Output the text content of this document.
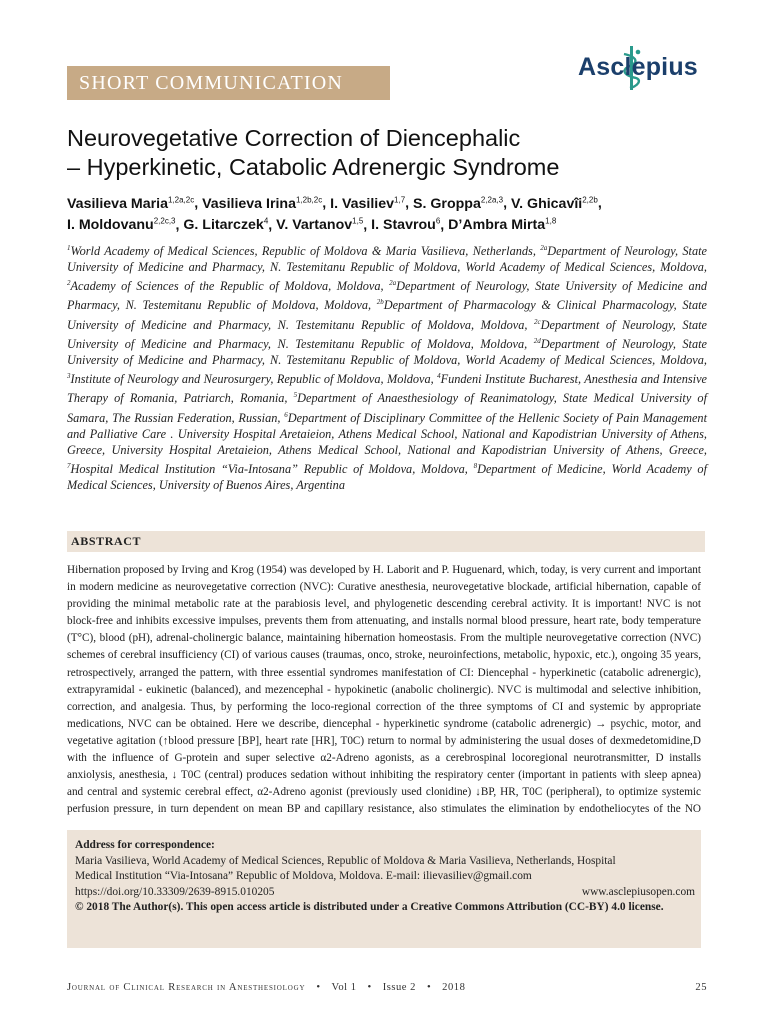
SHORT COMMUNICATION
Asclepius
Neurovegetative Correction of Diencephalic
– Hyperkinetic, Catabolic Adrenergic Syndrome
Vasilieva Maria$^{1,2a,2c}$, Vasilieva Irina$^{1,2b,2c}$, I. Vasiliev$^{1,7}$, S. Groppa$^{2,2a,3}$, V. Ghicavîi$^{2,2b}$,
I. Moldovanu$^{2,2c,3}$, G. Litarczek$^4$, V. Vartanov$^{1,5}$, I. Stavrou$^6$, D’Ambra Mirta$^{1,8}$
$^1$World Academy of Medical Sciences, Republic of Moldova & Maria Vasilieva, Netherlands, $^{2a}$Department of Neurology, State University of Medicine and Pharmacy, N. Testemitanu Republic of Moldova, World Academy of Medical Sciences, Moldova, $^2$Academy of Sciences of the Republic of Moldova, Moldova, $^{2a}$Department of Neurology, State University of Medicine and Pharmacy, N. Testemitanu Republic of Moldova, Moldova, $^{2b}$Department of Pharmacology & Clinical Pharmacology, State University of Medicine and Pharmacy, N. Testemitanu Republic of Moldova, Moldova, $^{2c}$Department of Neurology, State University of Medicine and Pharmacy, N. Testemitanu Republic of Moldova, Moldova, $^{2d}$Department of Neurology, State University of Medicine and Pharmacy, N. Testemitanu Republic of Moldova, World Academy of Medical Sciences, Moldova, $^3$Institute of Neurology and Neurosurgery, Republic of Moldova, Moldova, $^4$Fundeni Institute Bucharest, Anesthesia and Intensive Therapy of Romania, Patriarch, Romania, $^5$Department of Anaesthesiology of Reanimatology, State Medical University of Samara, The Russian Federation, Russian, $^6$Department of Disciplinary Committee of the Hellenic Society of Pain Management and Palliative Care . University Hospital Aretaieion, Athens Medical School, National and Kapodistrian University of Athens, Greece, University Hospital Aretaieion, Athens Medical School, National and Kapodistrian University of Athens, Greece, $^7$Hospital Medical Institution “Via-Intosana” Republic of Moldova, Moldova, $^8$Department of Medicine, World Academy of Medical Sciences, University of Buenos Aires, Argentina
ABSTRACT
Hibernation proposed by Irving and Krog (1954) was developed by H. Laborit and P. Huguenard, which, today, is very current and important in modern medicine as neurovegetative correction (NVC): Curative anesthesia, neurovegetative blockade, artificial hibernation, capable of providing the minimal metabolic rate at the parabiosis level, and phylogenetic descending cerebral activity. It is important! NVC is not block-free and inhibits excessive impulses, prevents them from attenuating, and installs normal blood pressure, heart rate, body temperature (T°C), blood (pH), adrenal-cholinergic balance, maintaining hibernation homeostasis. From the multiple neurovegetative correction (NVC) schemes of cerebral insufficiency (CI) of various causes (traumas, onco, stroke, neuroinfections, metabolic, hypoxic, etc.), ongoing 35 years, retrospectively, arranged the pattern, with three essential syndromes manifestation of CI: Diencephal - hyperkinetic (catabolic adrenergic), extrapyramidal - eukinetic (balanced), and mezencephal - hypokinetic (anabolic cholinergic). NVC is multimodal and selective inhibition, correction, and analgesia. Thus, by performing the loco-regional correction of the three symptoms of CI and systemic by appropriate medications, NVC can be obtained. Here we describe, diencephal - hyperkinetic syndrome (catabolic adrenergic) → psychic, motor, and vegetative agitation (↑blood pressure [BP], heart rate [HR], T0C) return to normal by administering the usual doses of dexmedetomidine,D with the influence of G-protein and super selective α2-Adreno agonists, as a cerebrospinal locoregional neurotransmitter, D installs anxiolysis, anesthesia, ↓ T0C (central) produces sedation without inhibiting the respiratory center (important in patients with sleep apnea) and central and systemic cerebral effect, α2-Adreno agonist (previously used clonidine) ↓BP, HR, T0C (peripheral), to optimize systemic perfusion pressure, in turn dependent on mean BP and capillary resistance, also stimulates the elimination by endotheliocytes of the NO
Address for correspondence:
Maria Vasilieva, World Academy of Medical Sciences, Republic of Moldova & Maria Vasilieva, Netherlands, Hospital
Medical Institution “Via-Intosana” Republic of Moldova, Moldova. E-mail: ilievasiliev@gmail.com
https://doi.org/10.33309/2639-8915.010205	www.asclepiusopen.com
© 2018 The Author(s). This open access article is distributed under a Creative Commons Attribution (CC-BY) 4.0 license.
Journal of Clinical Research in Anesthesiology • Vol 1 • Issue 2 • 2018	25
